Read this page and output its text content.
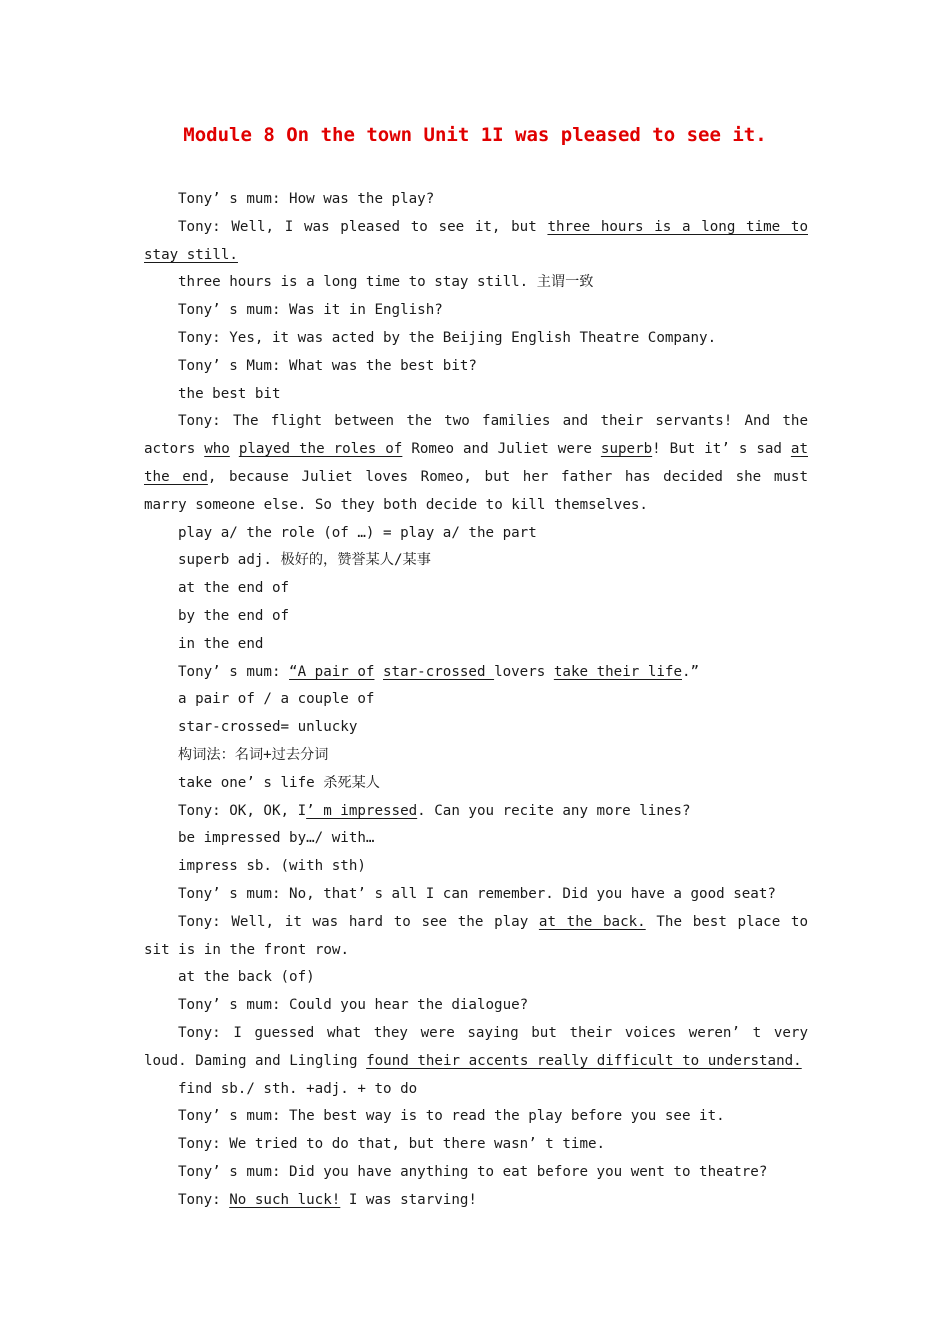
Module 8 On the town Unit 1I was pleased to see it.

Tony’ s mum: How was the play?

Tony: Well, I was pleased to see it, but three hours is a long time to stay still.

three hours is a long time to stay still. 主谓一致

Tony’ s mum: Was it in English?

Tony: Yes, it was acted by the Beijing English Theatre Company.

Tony’ s Mum: What was the best bit?

the best bit

Tony: The flight between the two families and their servants! And the actors who played the roles of Romeo and Juliet were superb! But it’ s sad at the end, because Juliet loves Romeo, but her father has decided she must marry someone else. So they both decide to kill themselves.

play a/ the role (of …) = play a/ the part

superb adj. 极好的，赞誉某人/某事

at the end of

by the end of

in the end

Tony’ s mum: “A pair of star-crossed lovers take their life.”

a pair of / a couple of

star-crossed= unlucky

构词法：名词+过去分词

take one’ s life 杀死某人

Tony: OK, OK, I’ m impressed. Can you recite any more lines?

be impressed by…/ with…

impress sb. (with sth)

Tony’ s mum: No, that’ s all I can remember. Did you have a good seat?

Tony: Well, it was hard to see the play at the back. The best place to sit is in the front row.

at the back (of)

Tony’ s mum: Could you hear the dialogue?

Tony: I guessed what they were saying but their voices weren’ t very loud. Daming and Lingling found their accents really difficult to understand.

find sb./ sth. +adj. + to do

Tony’ s mum: The best way is to read the play before you see it.

Tony: We tried to do that, but there wasn’ t time.

Tony’ s mum: Did you have anything to eat before you went to theatre?

Tony: No such luck! I was starving!
